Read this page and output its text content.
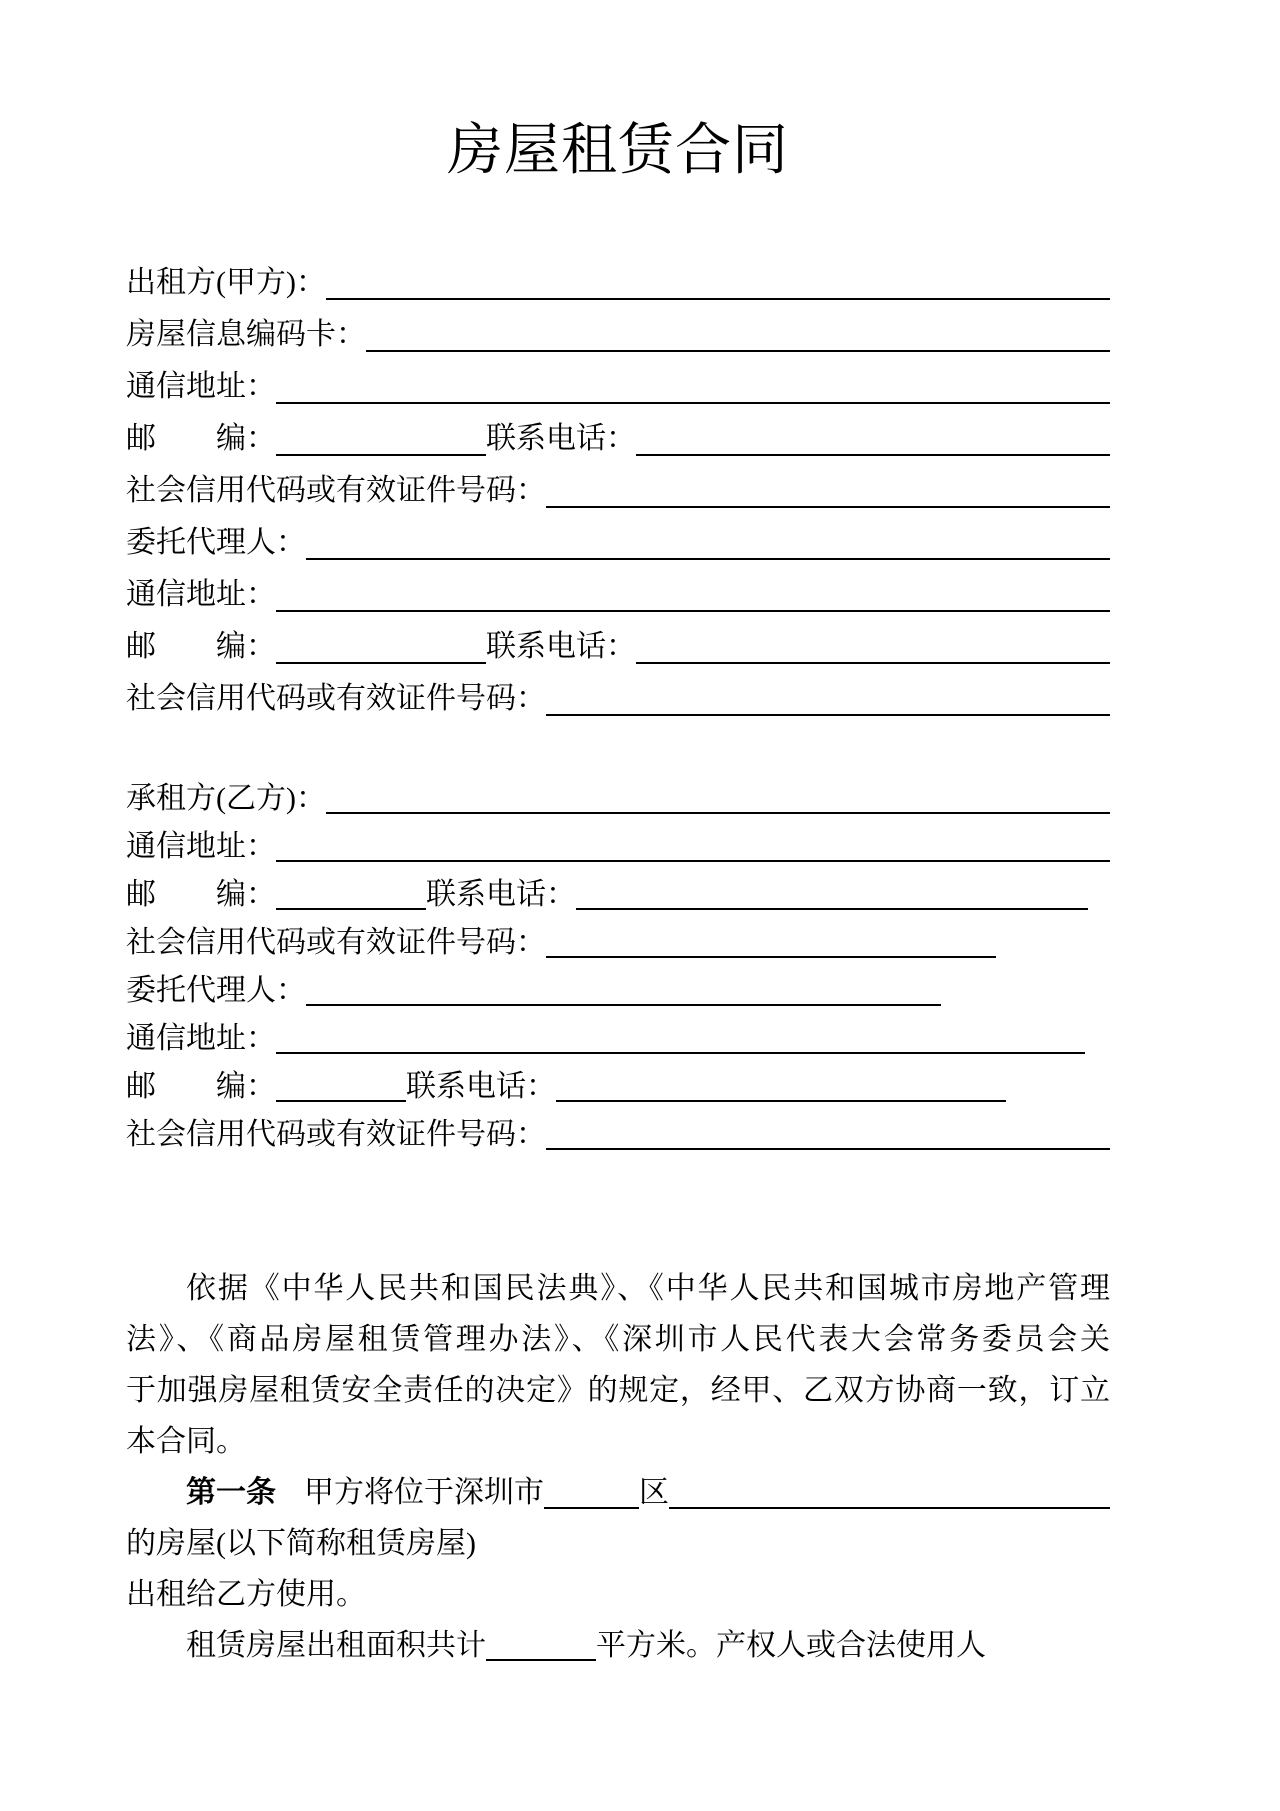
房屋租赁合同
出租方(甲方)：
房屋信息编码卡：
通信地址：
邮　　编：	联系电话：
社会信用代码或有效证件号码：
委托代理人：
通信地址：
邮　　编：	联系电话：
社会信用代码或有效证件号码：
承租方(乙方)：
通信地址：
邮　　编：	联系电话：
社会信用代码或有效证件号码：
委托代理人：
通信地址：
邮　　编：	联系电话：
社会信用代码或有效证件号码：
依据《中华人民共和国民法典》、《中华人民共和国城市房地产管理
法》、《商品房屋租赁管理办法》、《深圳市人民代表大会常务委员会关
于加强房屋租赁安全责任的决定》的规定，经甲、乙双方协商一致，订立
本合同。
第一条 甲方将位于深圳市	区
的房屋(以下简称租赁房屋)
出租给乙方使用。
租赁房屋出租面积共计	平方米。产权人或合法使用人
